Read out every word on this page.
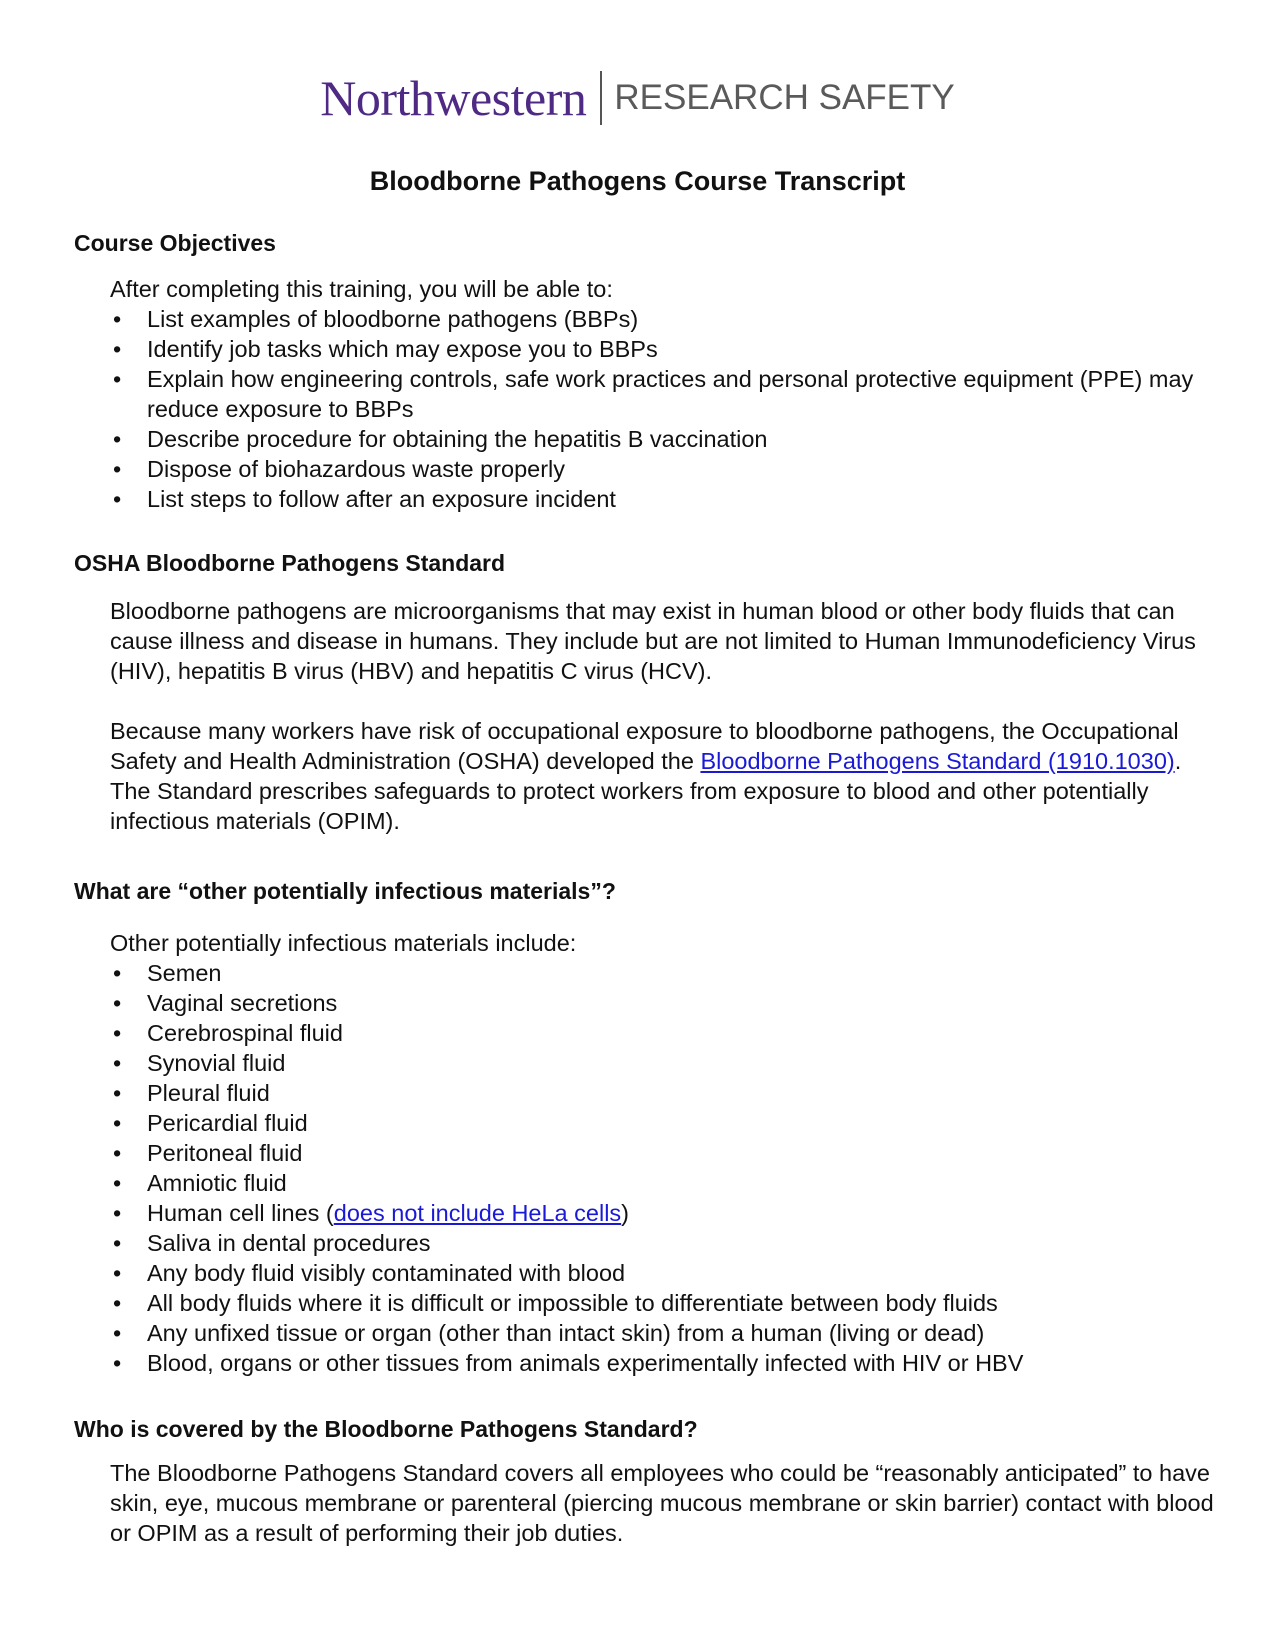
Northwestern RESEARCH SAFETY
Bloodborne Pathogens Course Transcript
Course Objectives

After completing this training, you will be able to:

• List examples of bloodborne pathogens (BBPs)
• Identify job tasks which may expose you to BBPs
• Explain how engineering controls, safe work practices and personal protective equipment (PPE) may reduce exposure to BBPs
• Describe procedure for obtaining the hepatitis B vaccination
• Dispose of biohazardous waste properly
• List steps to follow after an exposure incident
OSHA Bloodborne Pathogens Standard

Bloodborne pathogens are microorganisms that may exist in human blood or other body fluids that can cause illness and disease in humans. They include but are not limited to Human Immunodeficiency Virus (HIV), hepatitis B virus (HBV) and hepatitis C virus (HCV).

Because many workers have risk of occupational exposure to bloodborne pathogens, the Occupational Safety and Health Administration (OSHA) developed the Bloodborne Pathogens Standard (1910.1030). The Standard prescribes safeguards to protect workers from exposure to blood and other potentially infectious materials (OPIM).

What are “other potentially infectious materials”?

Other potentially infectious materials include:

• Semen
• Vaginal secretions
• Cerebrospinal fluid
• Synovial fluid
• Pleural fluid
• Pericardial fluid
• Peritoneal fluid
• Amniotic fluid
• Human cell lines (does not include HeLa cells)
• Saliva in dental procedures
• Any body fluid visibly contaminated with blood
• All body fluids where it is difficult or impossible to differentiate between body fluids
• Any unfixed tissue or organ (other than intact skin) from a human (living or dead)
• Blood, organs or other tissues from animals experimentally infected with HIV or HBV
Who is covered by the Bloodborne Pathogens Standard?

The Bloodborne Pathogens Standard covers all employees who could be “reasonably anticipated” to have skin, eye, mucous membrane or parenteral (piercing mucous membrane or skin barrier) contact with blood or OPIM as a result of performing their job duties.
